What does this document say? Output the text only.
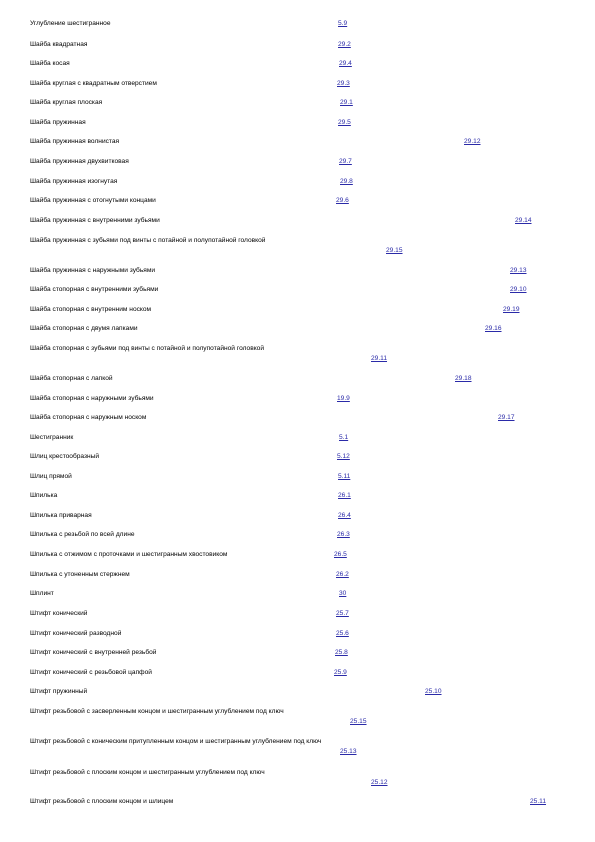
Углубление шестигранное	5.9
Шайба квадратная	29.2
Шайба косая	29.4
Шайба круглая с квадратным отверстием	29.3
Шайба круглая плоская	29.1
Шайба пружинная	29.5
Шайба пружинная волнистая	29.12
Шайба пружинная двухвитковая	29.7
Шайба пружинная изогнутая	29.8
Шайба пружинная с отогнутыми концами	29.6
Шайба пружинная с внутренними зубьями	29.14
Шайба пружинная с зубьями под винты с потайной и полупотайной головкой
29.15
Шайба пружинная с наружными зубьями	29.13
Шайба стопорная с внутренними зубьями	29.10
Шайба стопорная с внутренним носком	29.19
Шайба стопорная с двумя лапками	29.16
Шайба стопорная с зубьями под винты с потайной и полупотайной головкой
29.11
Шайба стопорная с лапкой	29.18
Шайба стопорная с наружными зубьями	19.9
Шайба стопорная с наружным носком	29.17
Шестигранник	5.1
Шлиц крестообразный	5.12
Шлиц прямой	5.11
Шпилька	26.1
Шпилька приварная	26.4
Шпилька с резьбой по всей длине	26.3
Шпилька с отжимом с проточками и шестигранным хвостовиком	26.5
Шпилька с утоненным стержнем	26.2
Шплинт	30
Штифт конический	25.7
Штифт конический разводной	25.6
Штифт конический с внутренней резьбой	25.8
Штифт конический с резьбовой цапфой	25.9
Штифт пружинный	25.10
Штифт резьбовой с засверленным концом и шестигранным углублением под ключ
25.15
Штифт резьбовой с коническим притупленным концом и шестигранным углублением под ключ
25.13
Штифт резьбовой с плоским концом и шестигранным углублением под ключ
25.12
Штифт резьбовой с плоским концом и шлицем	25.11
